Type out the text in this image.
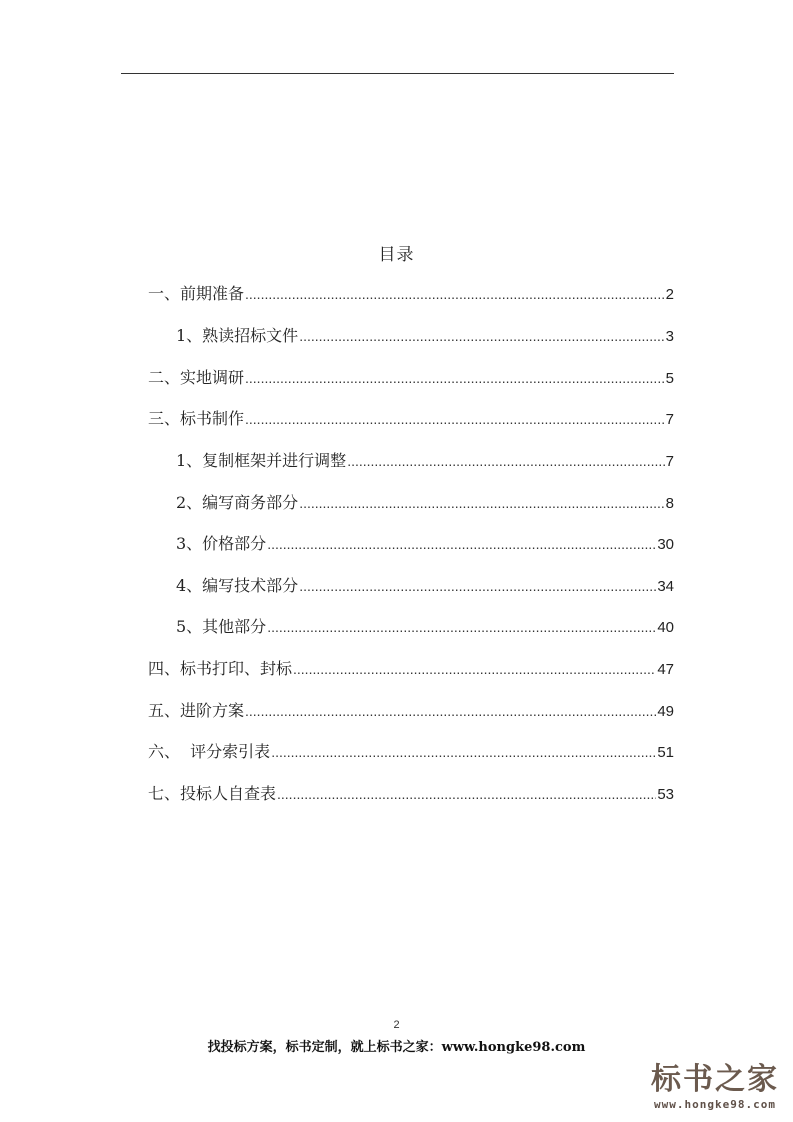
目录
一、前期准备 .....	2
1、熟读招标文件 .....	3
二、实地调研 .....	5
三、标书制作 .....	7
1、复制框架并进行调整 .....	7
2、编写商务部分 .....	8
3、价格部分 .....	30
4、编写技术部分 .....	34
5、其他部分 .....	40
四、标书打印、封标 .....	47
五、进阶方案 .....	49
六、  评分索引表 .....	51
七、投标人自查表 .....	53
2
找投标方案，标书定制，就上标书之家：www.hongke98.com
标书之家
www.hongke98.com
